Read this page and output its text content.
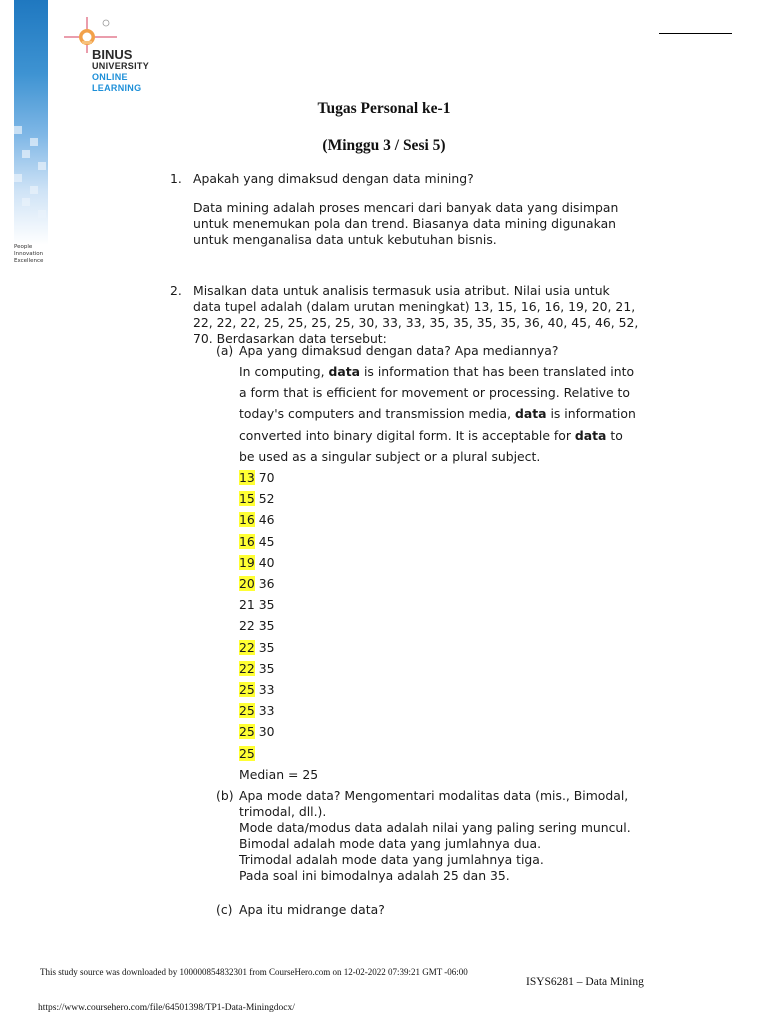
People
Innovation
Excellence
BINUS
UNIVERSITY
ONLINE
LEARNING
Tugas Personal ke-1
(Minggu 3 / Sesi 5)
1. Apakah yang dimaksud dengan data mining?
Data mining adalah proses mencari dari banyak data yang disimpan
untuk menemukan pola dan trend. Biasanya data mining digunakan
untuk menganalisa data untuk kebutuhan bisnis.
2. Misalkan data untuk analisis termasuk usia atribut. Nilai usia untuk
data tupel adalah (dalam urutan meningkat) 13, 15, 16, 16, 19, 20, 21,
22, 22, 22, 25, 25, 25, 25, 30, 33, 33, 35, 35, 35, 35, 36, 40, 45, 46, 52,
70. Berdasarkan data tersebut:
(a) Apa yang dimaksud dengan data? Apa mediannya?
In computing, data is information that has been translated into
a form that is efficient for movement or processing. Relative to
today's computers and transmission media, data is information
converted into binary digital form. It is acceptable for data to
be used as a singular subject or a plural subject.
13 70
15 52
16 46
16 45
19 40
20 36
21 35
22 35
22 35
22 35
25 33
25 33
25 30
25
Median = 25
(b) Apa mode data? Mengomentari modalitas data (mis., Bimodal,
trimodal, dll.).
Mode data/modus data adalah nilai yang paling sering muncul.
Bimodal adalah mode data yang jumlahnya dua.
Trimodal adalah mode data yang jumlahnya tiga.
Pada soal ini bimodalnya adalah 25 dan 35.
(c) Apa itu midrange data?
This study source was downloaded by 100000854832301 from CourseHero.com on 12-02-2022 07:39:21 GMT -06:00
ISYS6281 – Data Mining
https://www.coursehero.com/file/64501398/TP1-Data-Miningdocx/
